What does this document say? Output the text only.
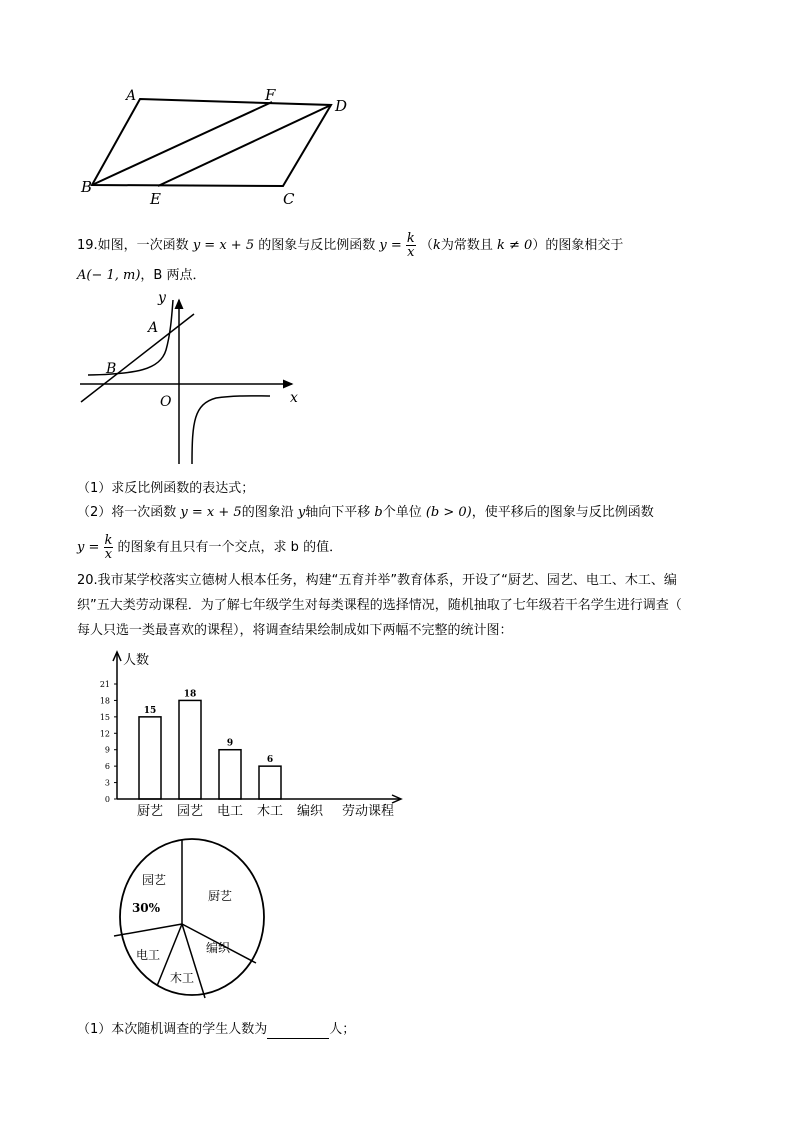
A	F
D
B
E	C
19.如图，一次函数 y = x + 5 的图象与反比例函数 $y = \frac{k}{x} (k$为常数且 k ≠ 0）的图象相交于
A(− 1, m)，B 两点．
y
x
O
A
B
（1）求反比例函数的表达式；
（2）将一次函数 y = x + 5的图象沿 y轴向下平移 b个单位 (b > 0)，使平移后的图象与反比例函数
$y = \frac{k}{x}$ 的图象有且只有一个交点，求 b 的值．
20.我市某学校落实立德树人根本任务，构建“五育并举”教育体系，开设了“厨艺、园艺、电工、木工、编
织”五大类劳动课程．为了解七年级学生对每类课程的选择情况，随机抽取了七年级若干名学生进行调查（
每人只选一类最喜欢的课程），将调查结果绘制成如下两幅不完整的统计图：
人数
0
3
6
9
12
15
18
21
15
厨艺
18
园艺
9
电工
6
木工 编织 劳动课程
园艺
厨艺
编织
木工
电工
30%
（1）本次随机调查的学生人数为	人；
